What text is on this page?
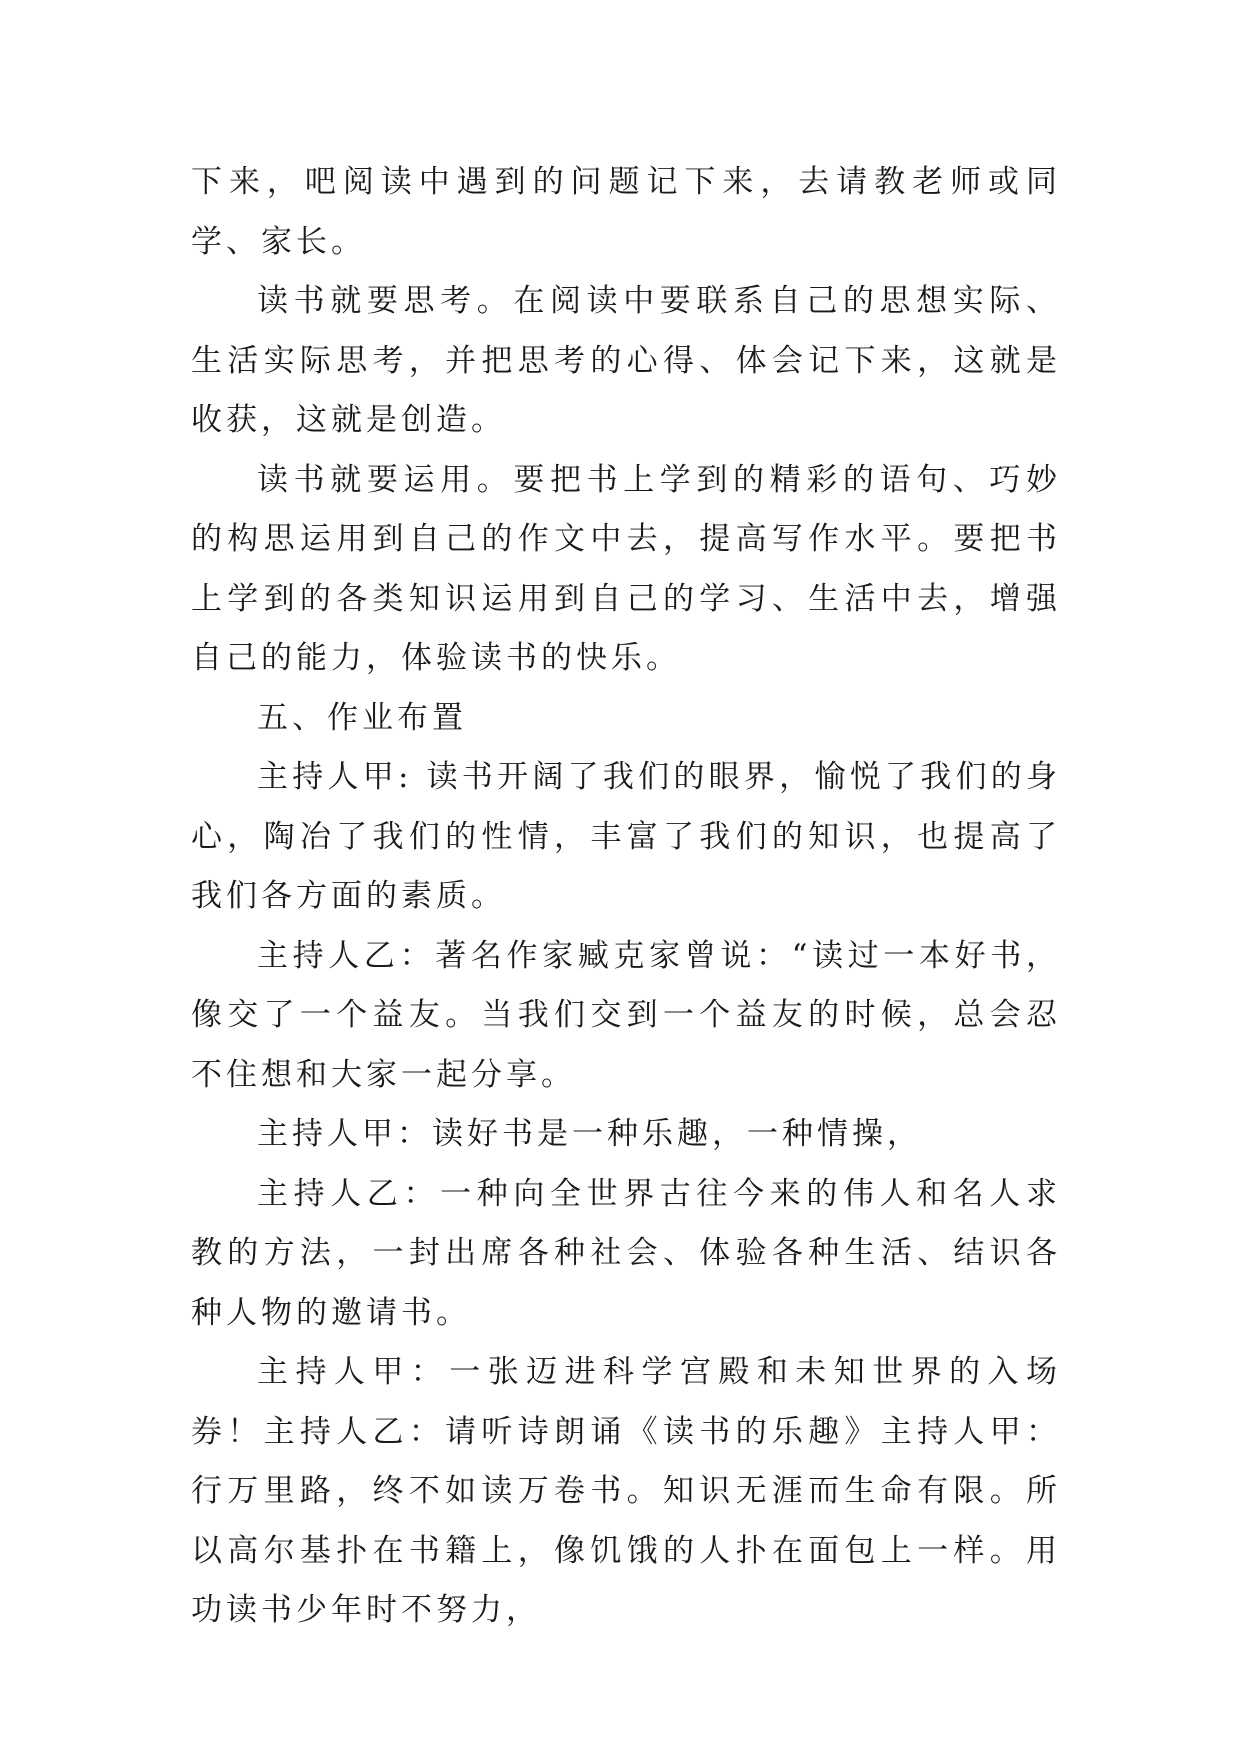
下来，吧阅读中遇到的问题记下来，去请教老师或同学、家长。

读书就要思考。在阅读中要联系自己的思想实际、生活实际思考，并把思考的心得、体会记下来，这就是收获，这就是创造。

读书就要运用。要把书上学到的精彩的语句、巧妙的构思运用到自己的作文中去，提高写作水平。要把书上学到的各类知识运用到自己的学习、生活中去，增强自己的能力，体验读书的快乐。

五、作业布置

主持人甲: 读书开阔了我们的眼界，愉悦了我们的身心，陶冶了我们的性情，丰富了我们的知识，也提高了我们各方面的素质。

主持人乙：著名作家臧克家曾说：“读过一本好书，像交了一个益友。当我们交到一个益友的时候，总会忍不住想和大家一起分享。

主持人甲：读好书是一种乐趣，一种情操，

主持人乙：一种向全世界古往今来的伟人和名人求教的方法，一封出席各种社会、体验各种生活、结识各种人物的邀请书。

主持人甲：一张迈进科学宫殿和未知世界的入场券！主持人乙：请听诗朗诵《读书的乐趣》主持人甲：行万里路，终不如读万卷书。知识无涯而生命有限。所以高尔基扑在书籍上，像饥饿的人扑在面包上一样。用功读书少年时不努力，
